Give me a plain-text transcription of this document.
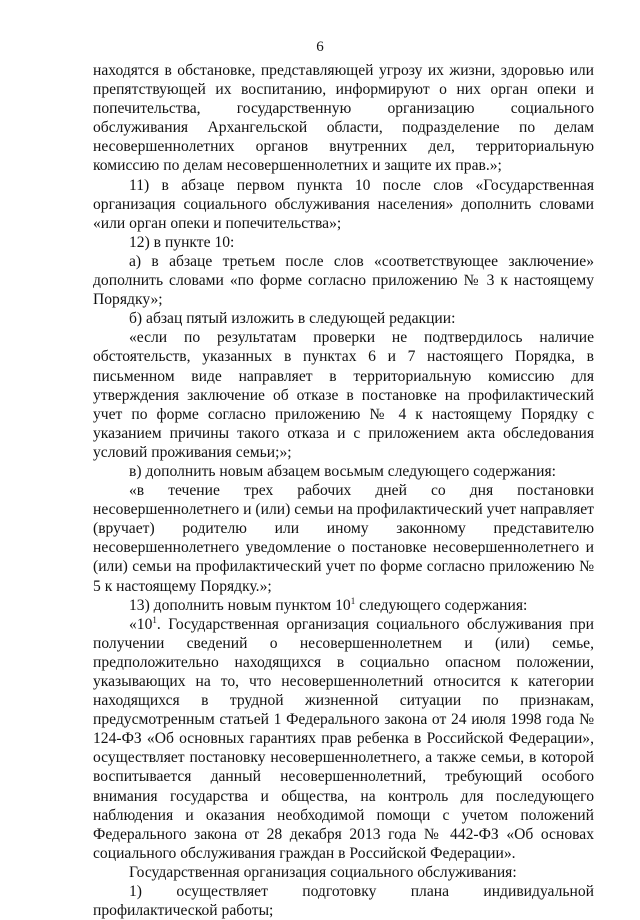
6

находятся в обстановке, представляющей угрозу их жизни, здоровью или препятствующей их воспитанию, информируют о них орган опеки и попечительства, государственную организацию социального обслуживания Архангельской области, подразделение по делам несовершеннолетних органов внутренних дел, территориальную комиссию по делам несовершеннолетних и защите их прав.»;

11) в абзаце первом пункта 10 после слов «Государственная организация социального обслуживания населения» дополнить словами «или орган опеки и попечительства»;

12) в пункте 10:

а) в абзаце третьем после слов «соответствующее заключение» дополнить словами «по форме согласно приложению № 3 к настоящему Порядку»;

б) абзац пятый изложить в следующей редакции:

«если по результатам проверки не подтвердилось наличие обстоятельств, указанных в пунктах 6 и 7 настоящего Порядка, в письменном виде направляет в территориальную комиссию для утверждения заключение об отказе в постановке на профилактический учет по форме согласно приложению № 4 к настоящему Порядку с указанием причины такого отказа и с приложением акта обследования условий проживания семьи;»;

в) дополнить новым абзацем восьмым следующего содержания:

«в течение трех рабочих дней со дня постановки несовершеннолетнего и (или) семьи на профилактический учет направляет (вручает) родителю или иному законному представителю несовершеннолетнего уведомление о постановке несовершеннолетнего и (или) семьи на профилактический учет по форме согласно приложению № 5 к настоящему Порядку.»;

13) дополнить новым пунктом $10^1$ следующего содержания:

«$10^1$. Государственная организация социального обслуживания при получении сведений о несовершеннолетнем и (или) семье, предположительно находящихся в социально опасном положении, указывающих на то, что несовершеннолетний относится к категории находящихся в трудной жизненной ситуации по признакам, предусмотренным статьей 1 Федерального закона от 24 июля 1998 года № 124-ФЗ «Об основных гарантиях прав ребенка в Российской Федерации», осуществляет постановку несовершеннолетнего, а также семьи, в которой воспитывается данный несовершеннолетний, требующий особого внимания государства и общества, на контроль для последующего наблюдения и оказания необходимой помощи с учетом положений Федерального закона от 28 декабря 2013 года № 442-ФЗ «Об основах социального обслуживания граждан в Российской Федерации».

Государственная организация социального обслуживания:

1) осуществляет подготовку плана индивидуальной профилактической работы;
